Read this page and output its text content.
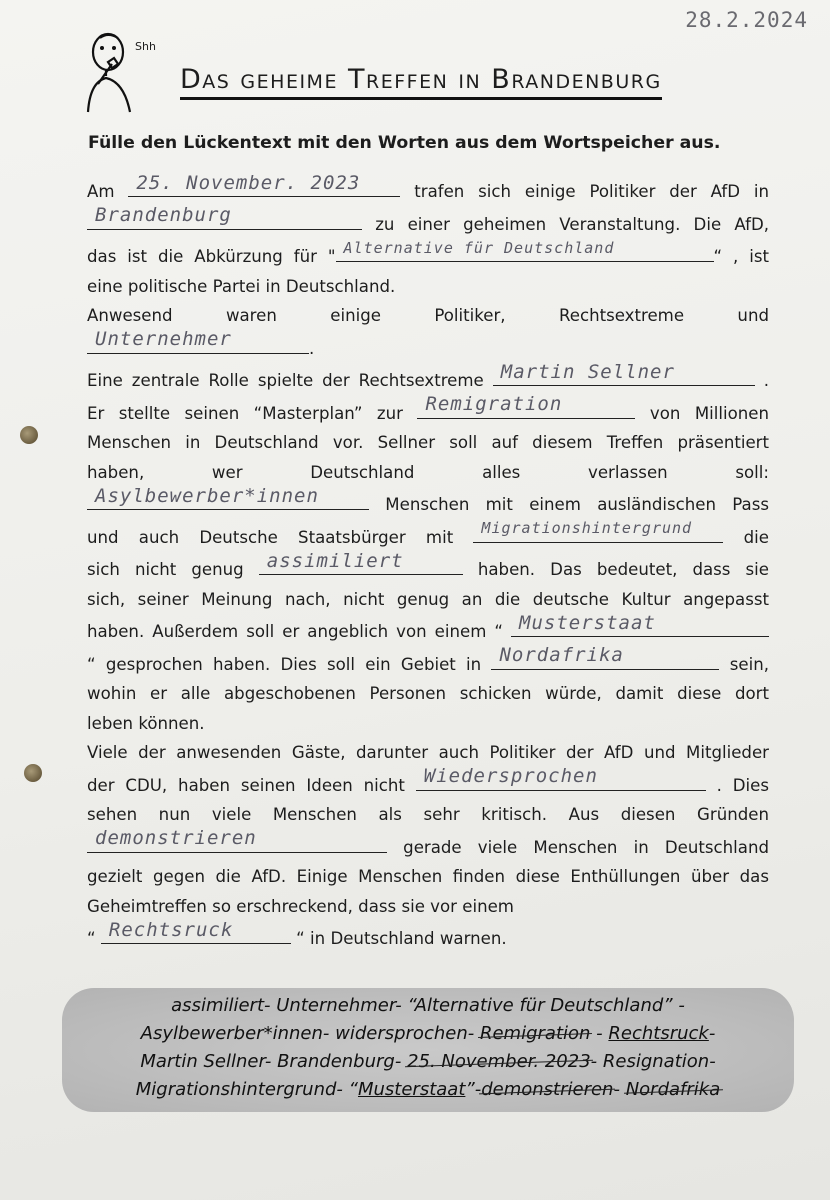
28.2.2024
Shh
Das geheime Treffen in Brandenburg
Fülle den Lückentext mit den Worten aus dem Wortspeicher aus.

Am 25. November. 2023	trafen sich einige Politiker der AfD in

Brandenburg	zu einer geheimen Veranstaltung. Die AfD,

das ist die Abkürzung für " Alternative für Deutschland	“ , ist

eine politische Partei in Deutschland.

Anwesend waren einige Politiker, Rechtsextreme und

Unternehmer	.

Eine zentrale Rolle spielte der Rechtsextreme Martin Sellner	.

Er stellte seinen “Masterplan” zur Remigration	von Millionen

Menschen in Deutschland vor. Sellner soll auf diesem Treffen präsentiert

haben, wer Deutschland alles verlassen soll:

Asylbewerber*innen	Menschen mit einem ausländischen Pass

und auch Deutsche Staatsbürger mit Migrationshintergrund	die

sich nicht genug assimiliert	haben. Das bedeutet, dass sie

sich, seiner Meinung nach, nicht genug an die deutsche Kultur angepasst

haben. Außerdem soll er angeblich von einem “ Musterstaat

“ gesprochen haben. Dies soll ein Gebiet in Nordafrika	sein,

wohin er alle abgeschobenen Personen schicken würde, damit diese dort

leben können.

Viele der anwesenden Gäste, darunter auch Politiker der AfD und Mitglieder

der CDU, haben seinen Ideen nicht Wiedersprochen	. Dies

sehen nun viele Menschen als sehr kritisch. Aus diesen Gründen

demonstrieren	gerade viele Menschen in Deutschland

gezielt gegen die AfD. Einige Menschen finden diese Enthüllungen über das

Geheimtreffen so erschreckend, dass sie vor einem

“ Rechtsruck	“ in Deutschland warnen.

assimiliert- Unternehmer- “Alternative für Deutschland” -
Asylbewerber*innen- widersprochen- Remigration - Rechtsruck-
Martin Sellner- Brandenburg- 25. November. 2023- Resignation-
Migrationshintergrund- “Musterstaat”-demonstrieren- Nordafrika
